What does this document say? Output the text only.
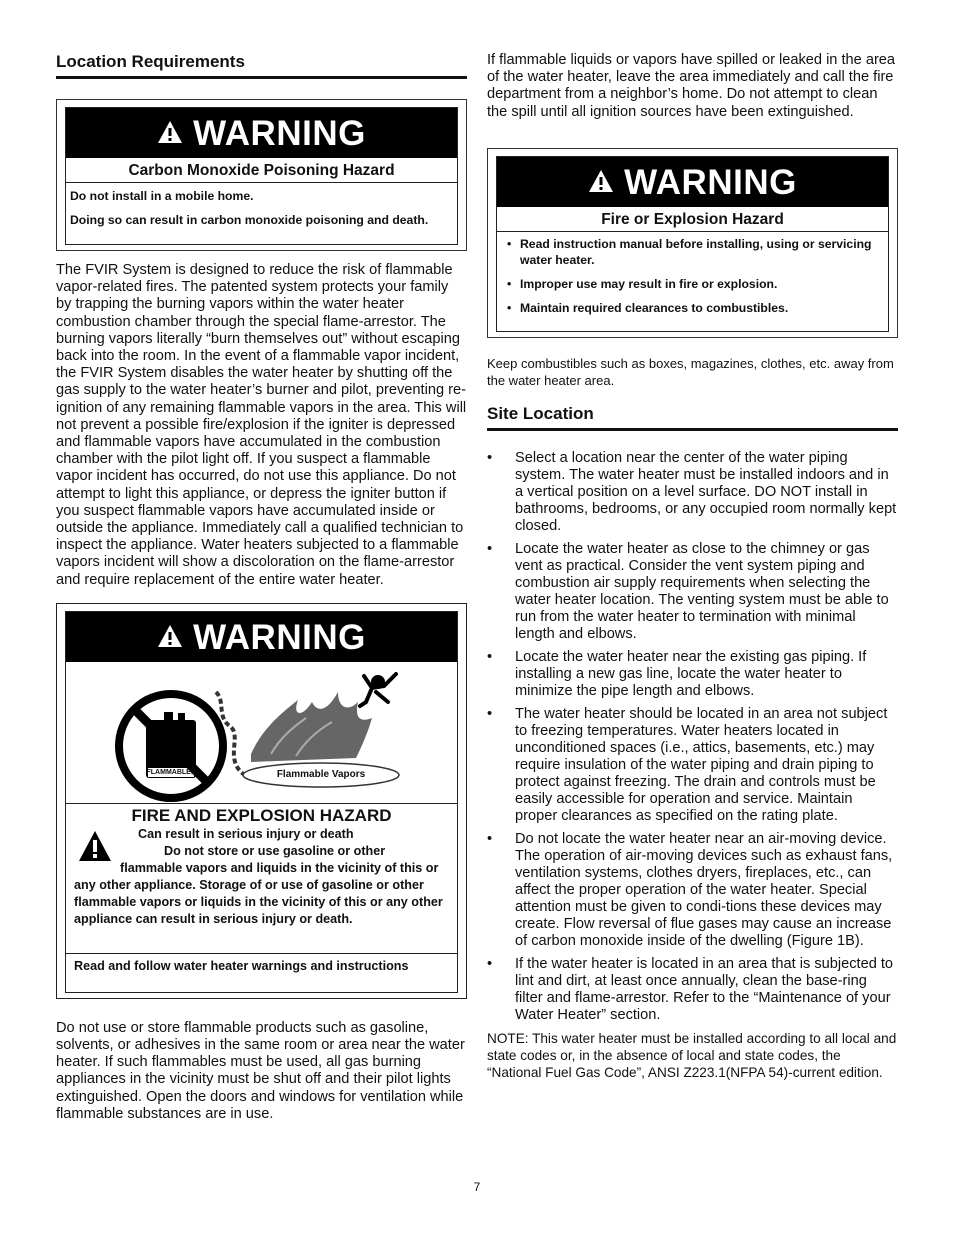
Location Requirements
WARNING
Carbon Monoxide Poisoning Hazard
Do not install in a mobile home.
Doing so can result in carbon monoxide poisoning and death.

The FVIR System is designed to reduce the risk of flammable vapor-related fires. The patented system protects your family by trapping the burning vapors within the water heater combustion chamber through the special flame-arrestor. The burning vapors literally “burn themselves out” without escaping back into the room. In the event of a flammable vapor incident, the FVIR System disables the water heater by shutting off the gas supply to the water heater’s burner and pilot, preventing re-ignition of any remaining flammable vapors in the area. This will not prevent a possible fire/explosion if the igniter is depressed and flammable vapors have accumulated in the combustion chamber with the pilot light off. If you suspect a flammable vapor incident has occurred, do not use this appliance. Do not attempt to light this appliance, or depress the igniter button if you suspect flammable vapors have accumulated inside or outside the appliance. Immediately call a qualified technician to inspect the appliance. Water heaters subjected to a flammable vapors incident will show a discoloration on the flame-arrestor and require replacement of the entire water heater.

WARNING
FLAMMABLES	Flammable Vapors
FIRE AND EXPLOSION HAZARD
Can result in serious injury or death
Do not store or use gasoline or other flammable vapors and liquids in the vicinity of this or any other appliance. Storage of or use of gasoline or other flammable vapors or liquids in the vicinity of this or any other appliance can result in serious injury or death.
Read and follow water heater warnings and instructions

Do not use or store flammable products such as gasoline, solvents, or adhesives in the same room or area near the water heater. If such flammables must be used, all gas burning appliances in the vicinity must be shut off and their pilot lights extinguished. Open the doors and windows for ventilation while flammable substances are in use.

If flammable liquids or vapors have spilled or leaked in the area of the water heater, leave the area immediately and call the fire department from a neighbor’s home. Do not attempt to clean the spill until all ignition sources have been extinguished.

WARNING
Fire or Explosion Hazard
• Read instruction manual before installing, using or servicing water heater.
• Improper use may result in fire or explosion.
• Maintain required clearances to combustibles.

Keep combustibles such as boxes, magazines, clothes, etc. away from the water heater area.

Site Location
• Select a location near the center of the water piping system. The water heater must be installed indoors and in a vertical position on a level surface. DO NOT install in bathrooms, bedrooms, or any occupied room normally kept closed.
• Locate the water heater as close to the chimney or gas vent as practical. Consider the vent system piping and combustion air supply requirements when selecting the water heater location. The venting system must be able to run from the water heater to termination with minimal length and elbows.
• Locate the water heater near the existing gas piping. If installing a new gas line, locate the water heater to minimize the pipe length and elbows.
• The water heater should be located in an area not subject to freezing temperatures. Water heaters located in unconditioned spaces (i.e., attics, basements, etc.) may require insulation of the water piping and drain piping to protect against freezing. The drain and controls must be easily accessible for operation and service. Maintain proper clearances as specified on the rating plate.
• Do not locate the water heater near an air-moving device. The operation of air-moving devices such as exhaust fans, ventilation systems, clothes dryers, fireplaces, etc., can affect the proper operation of the water heater. Special attention must be given to condi-tions these devices may create. Flow reversal of flue gases may cause an increase of carbon monoxide inside of the dwelling (Figure 1B).
• If the water heater is located in an area that is subjected to lint and dirt, at least once annually, clean the base-ring filter and flame-arrestor. Refer to the “Maintenance of your Water Heater” section.

NOTE: This water heater must be installed according to all local and state codes or, in the absence of local and state codes, the “National Fuel Gas Code”, ANSI Z223.1(NFPA 54)-current edition.

7
